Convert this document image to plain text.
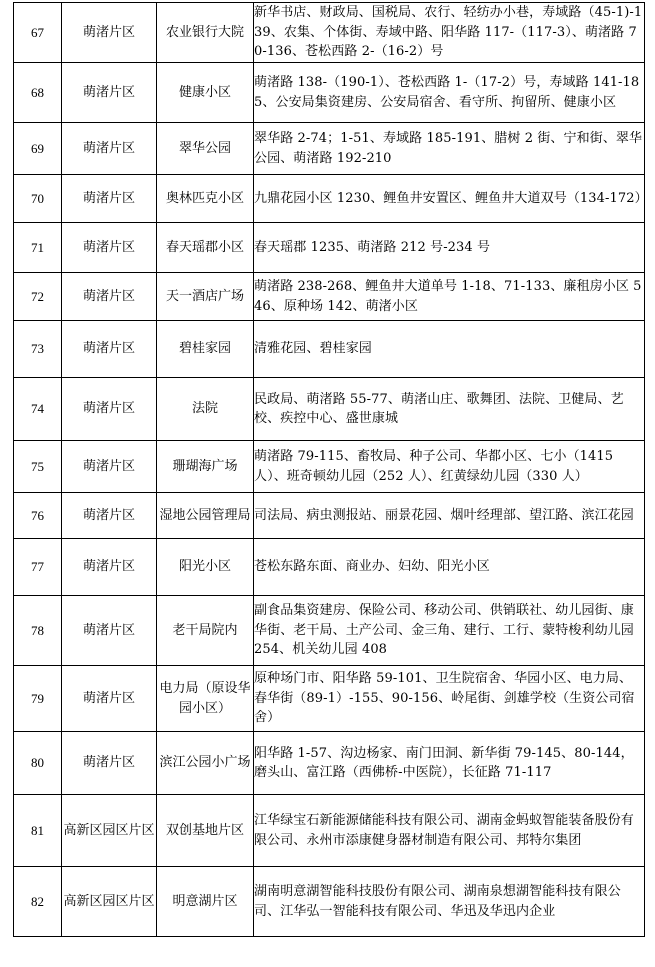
67	萌渚片区	农业银行大院	新华书店、财政局、国税局、农行、轻纺办小巷，寿域路（45-1)-139、农集、个体街、寿域中路、阳华路 117-（117-3）、萌渚路 70-136、苍松西路 2-（16-2）号
68	萌渚片区	健康小区	萌渚路 138-（190-1）、苍松西路 1-（17-2）号，寿域路 141-185、公安局集资建房、公安局宿舍、看守所、拘留所、健康小区
69	萌渚片区	翠华公园	翠华路 2-74；1-51、寿域路 185-191、腊树 2 街、宁和街、翠华公园、萌渚路 192-210
70	萌渚片区	奥林匹克小区	九鼎花园小区 1230、鲤鱼井安置区、鲤鱼井大道双号（134-172）
71	萌渚片区	春天瑶郡小区	春天瑶郡 1235、萌渚路 212 号-234 号
72	萌渚片区	天一酒店广场	萌渚路 238-268、鲤鱼井大道单号 1-18、71-133、廉租房小区 546、原种场 142、萌渚小区
73	萌渚片区	碧桂家园	清雅花园、碧桂家园
74	萌渚片区	法院	民政局、萌渚路 55-77、萌渚山庄、歌舞团、法院、卫健局、艺校、疾控中心、盛世康城
75	萌渚片区	珊瑚海广场	萌渚路 79-115、畜牧局、种子公司、华都小区、七小（1415 人）、班奇顿幼儿园（252 人）、红黄绿幼儿园（330 人）
76	萌渚片区	湿地公园管理局	司法局、病虫测报站、丽景花园、烟叶经理部、望江路、滨江花园
77	萌渚片区	阳光小区	苍松东路东面、商业办、妇幼、阳光小区
78	萌渚片区	老干局院内	副食品集资建房、保险公司、移动公司、供销联社、幼儿园街、康华街、老干局、土产公司、金三角、建行、工行、蒙特梭利幼儿园 254、机关幼儿园 408
79	萌渚片区	电力局（原设华园小区）	原种场门市、阳华路 59-101、卫生院宿舍、华园小区、电力局、春华街（89-1）-155、90-156、岭尾街、剑雄学校（生资公司宿舍）
80	萌渚片区	滨江公园小广场	阳华路 1-57、沟边杨家、南门田洞、新华街 79-145、80-144，磨头山、富江路（西佛桥-中医院），长征路 71-117
81	高新区园区片区	双创基地片区	江华绿宝石新能源储能科技有限公司、湖南金蚂蚁智能装备股份有限公司、永州市添康健身器材制造有限公司、邦特尔集团
82	高新区园区片区	明意湖片区	湖南明意湖智能科技股份有限公司、湖南泉想湖智能科技有限公司、江华弘一智能科技有限公司、华迅及华迅内企业
